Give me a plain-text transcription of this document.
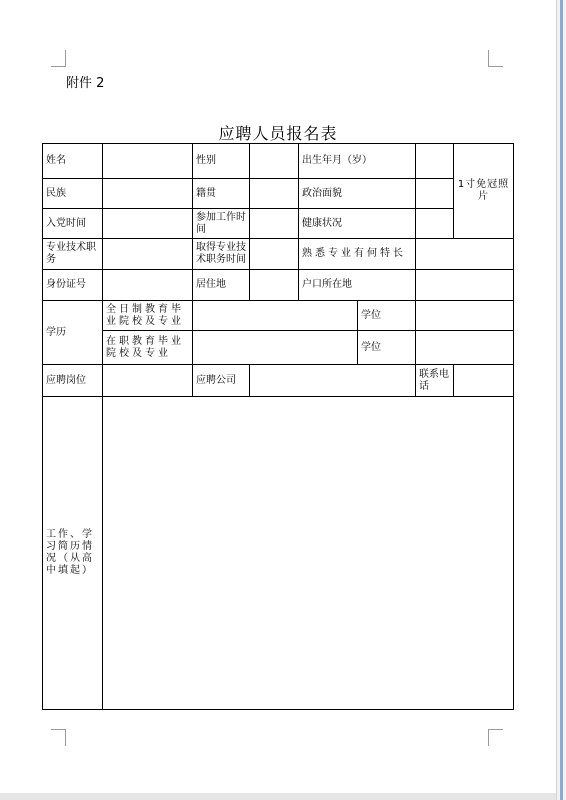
附件 2
应聘人员报名表
姓名		性别		出生年月（岁）			1寸免冠照片
民族		籍贯		政治面貌			
入党时间		参加工作时间		健康状况			
专业技术职务		取得专业技术职务时间		熟悉专业有何特长			
身份证号		居住地		户口所在地			
学历	全日制教育毕业院校及专业				学位		
	在职教育毕业院校及专业				学位		
应聘岗位		应聘公司				联系电话	
工作、学习简历情况（从高中填起）							
